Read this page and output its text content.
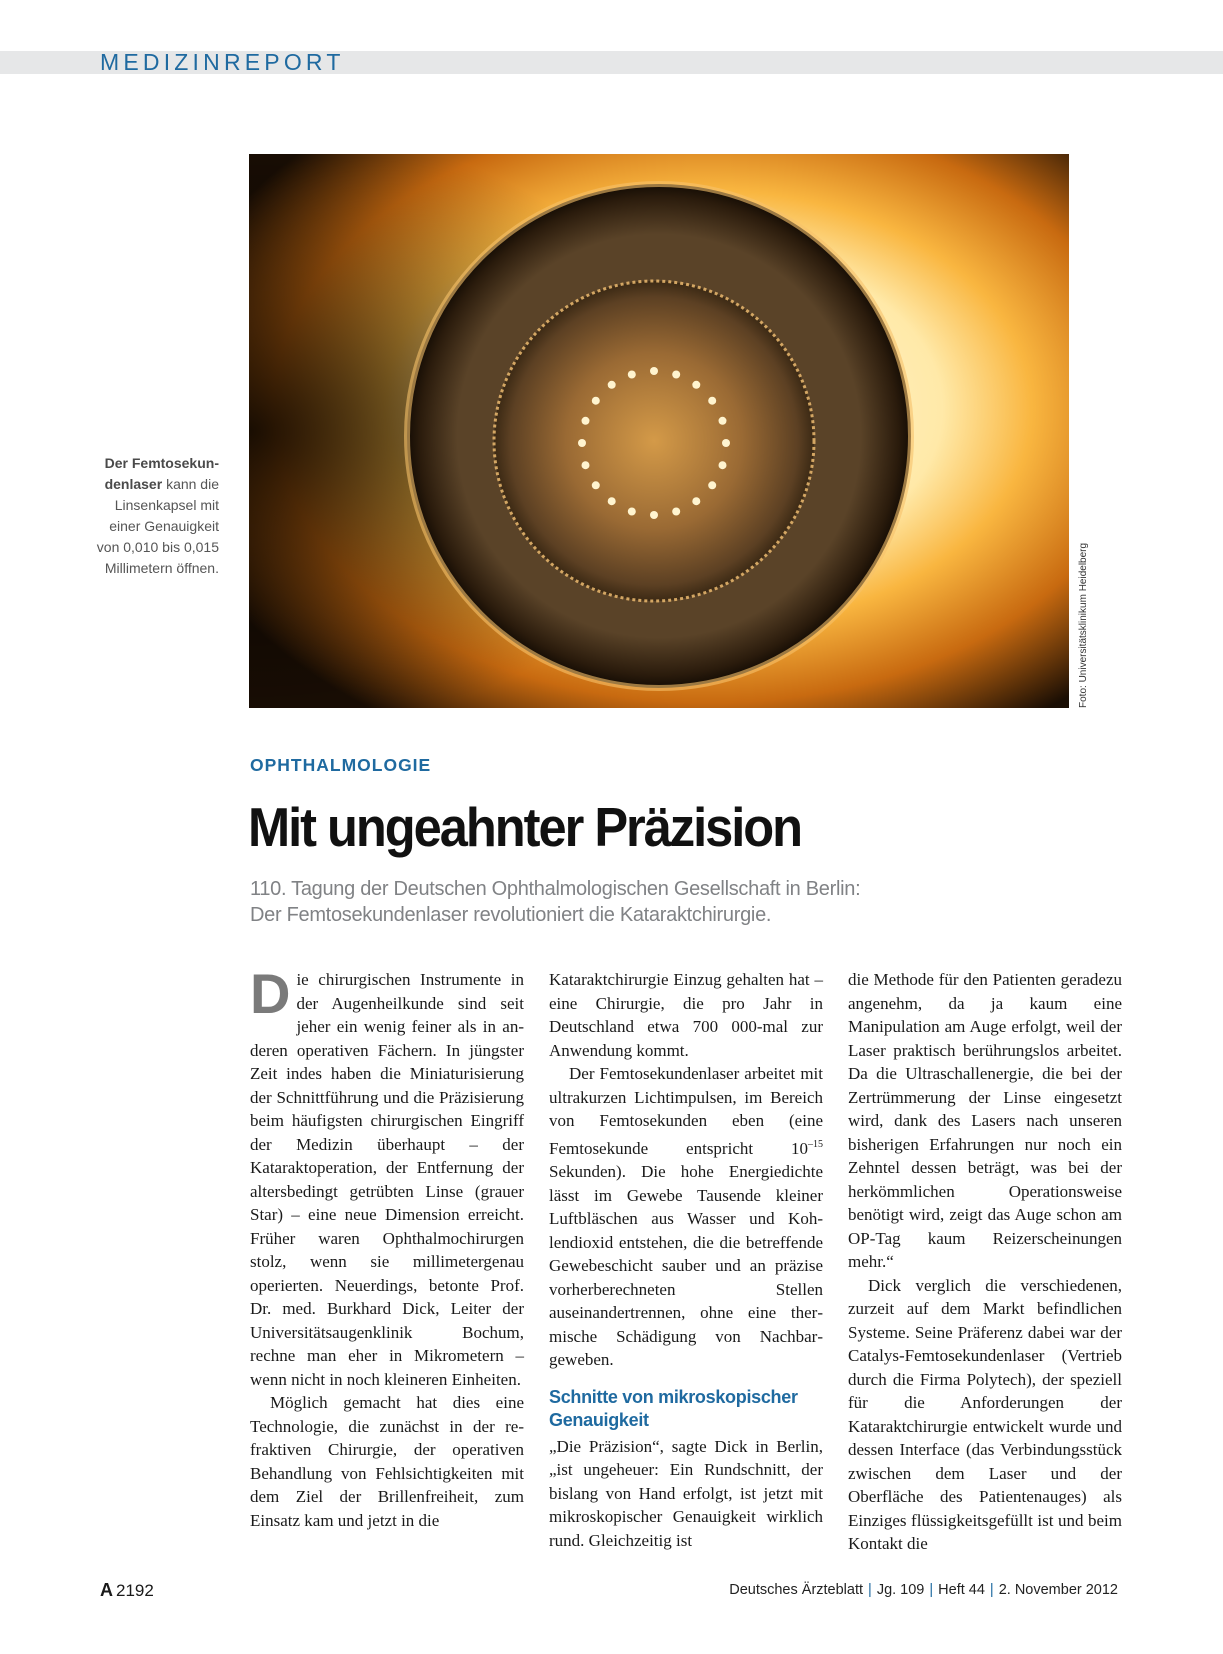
MEDIZINREPORT
Foto: Universitätsklinikum Heidelberg
Der Femtosekundenlaser kann die Linsenkapsel mit einer Genauigkeit von 0,010 bis 0,015 Millimetern öffnen.
OPHTHALMOLOGIE
Mit ungeahnter Präzision

110. Tagung der Deutschen Ophthalmologischen Gesellschaft in Berlin:

Der Femtosekundenlaser revolutioniert die Kataraktchirurgie.

Die chirurgischen Instrumente in der Augenheilkunde sind seit jeher ein wenig feiner als in anderen operativen Fächern. In jüngster Zeit indes haben die Miniaturisierung der Schnittführung und die Präzisierung beim häufigsten chirurgischen Eingriff der Medizin überhaupt – der Kataraktoperation, der Entfernung der altersbedingt getrübten Linse (grauer Star) – eine neue Dimension erreicht. Früher waren Ophthalmochirurgen stolz, wenn sie millimetergenau operierten. Neuerdings, betonte Prof. Dr. med. Burkhard Dick, Leiter der Universitätsaugenklinik Bochum, rechne man eher in Mikrometern – wenn nicht in noch kleineren Einheiten.

Möglich gemacht hat dies eine Technologie, die zunächst in der refraktiven Chirurgie, der operativen Behandlung von Fehlsichtigkeiten mit dem Ziel der Brillenfreiheit, zum Einsatz kam und jetzt in die

Kataraktchirurgie Einzug gehalten hat – eine Chirurgie, die pro Jahr in Deutschland etwa 700 000-mal zur Anwendung kommt.

Der Femtosekundenlaser arbeitet mit ultrakurzen Lichtimpulsen, im Bereich von Femtosekunden eben (eine Femtosekunde entspricht $10^{-15}$ Sekunden). Die hohe Energiedichte lässt im Gewebe Tausende kleiner Luftbläschen aus Wasser und Kohlendioxid entstehen, die die betreffende Gewebeschicht sauber und an präzise vorherberechneten Stellen auseinandertrennen, ohne eine thermische Schädigung von Nachbargeweben.

Schnitte von mikroskopischer Genauigkeit

„Die Präzision“, sagte Dick in Berlin, „ist ungeheuer: Ein Rundschnitt, der bislang von Hand erfolgt, ist jetzt mit mikroskopischer Genauigkeit wirklich rund. Gleichzeitig ist

die Methode für den Patienten geradezu angenehm, da ja kaum eine Manipulation am Auge erfolgt, weil der Laser praktisch berührungslos arbeitet. Da die Ultraschallenergie, die bei der Zertrümmerung der Linse eingesetzt wird, dank des Lasers nach unseren bisherigen Erfahrungen nur noch ein Zehntel dessen beträgt, was bei der herkömmlichen Operationsweise benötigt wird, zeigt das Auge schon am OP-Tag kaum Reizerscheinungen mehr.“

Dick verglich die verschiedenen, zurzeit auf dem Markt befindlichen Systeme. Seine Präferenz dabei war der Catalys-Femtosekundenlaser (Vertrieb durch die Firma Polytech), der speziell für die Anforderungen der Kataraktchirurgie entwickelt wurde und dessen Interface (das Verbindungsstück zwischen dem Laser und der Oberfläche des Patientenauges) als Einziges flüssigkeitsgefüllt ist und beim Kontakt die

A 2192	Deutsches Ärzteblatt | Jg. 109 | Heft 44 | 2. November 2012
